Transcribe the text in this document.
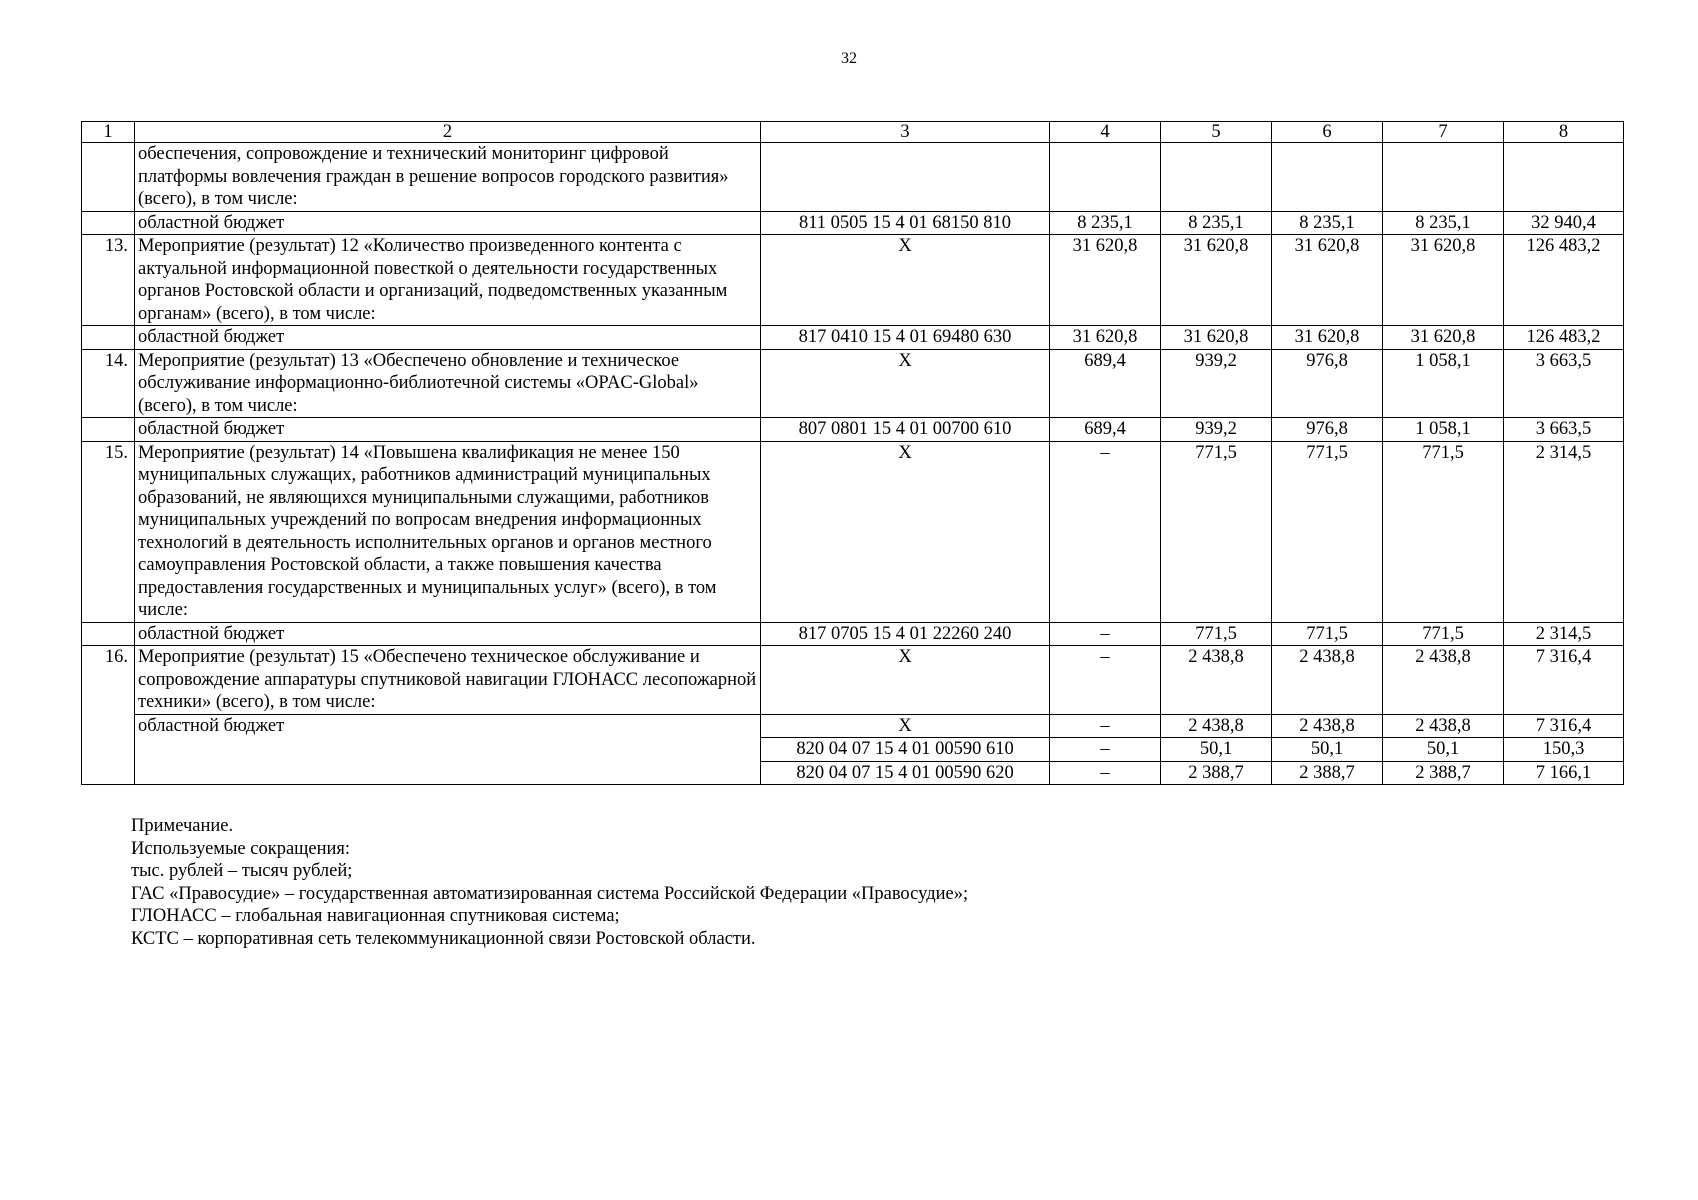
32
1	2	3	4	5	6	7	8
	обеспечения, сопровождение и технический мониторинг цифровой платформы вовлечения граждан в решение вопросов городского развития» (всего), в том числе:						
	областной бюджет	811 0505 15 4 01 68150 810	8 235,1	8 235,1	8 235,1	8 235,1	32 940,4
13.	Мероприятие (результат) 12 «Количество произведенного контента с актуальной информационной повесткой о деятельности государственных органов Ростовской области и организаций, подведомственных указанным органам» (всего), в том числе:	Х	31 620,8	31 620,8	31 620,8	31 620,8	126 483,2
	областной бюджет	817 0410 15 4 01 69480 630	31 620,8	31 620,8	31 620,8	31 620,8	126 483,2
14.	Мероприятие (результат) 13 «Обеспечено обновление и техническое обслуживание информационно-библиотечной системы «OPAC-Global» (всего), в том числе:	Х	689,4	939,2	976,8	1 058,1	3 663,5
	областной бюджет	807 0801 15 4 01 00700 610	689,4	939,2	976,8	1 058,1	3 663,5
15.	Мероприятие (результат) 14 «Повышена квалификация не менее 150 муниципальных служащих, работников администраций муниципальных образований, не являющихся муниципальными служащими, работников муниципальных учреждений по вопросам внедрения информационных технологий в деятельность исполнительных органов и органов местного самоуправления Ростовской области, а также повышения качества предоставления государственных и муниципальных услуг» (всего), в том числе:	Х	–	771,5	771,5	771,5	2 314,5
	областной бюджет	817 0705 15 4 01 22260 240	–	771,5	771,5	771,5	2 314,5
16.	Мероприятие (результат) 15 «Обеспечено техническое обслуживание и сопровождение аппаратуры спутниковой навигации ГЛОНАСС лесопожарной техники» (всего), в том числе:	Х	–	2 438,8	2 438,8	2 438,8	7 316,4
	областной бюджет	Х	–	2 438,8	2 438,8	2 438,8	7 316,4
		820 04 07 15 4 01 00590 610	–	50,1	50,1	50,1	150,3
		820 04 07 15 4 01 00590 620	–	2 388,7	2 388,7	2 388,7	7 166,1
Примечание.
Используемые сокращения:
тыс. рублей – тысяч рублей;
ГАС «Правосудие» – государственная автоматизированная система Российской Федерации «Правосудие»;
ГЛОНАСС – глобальная навигационная спутниковая система;
КСТС – корпоративная сеть телекоммуникационной связи Ростовской области.
